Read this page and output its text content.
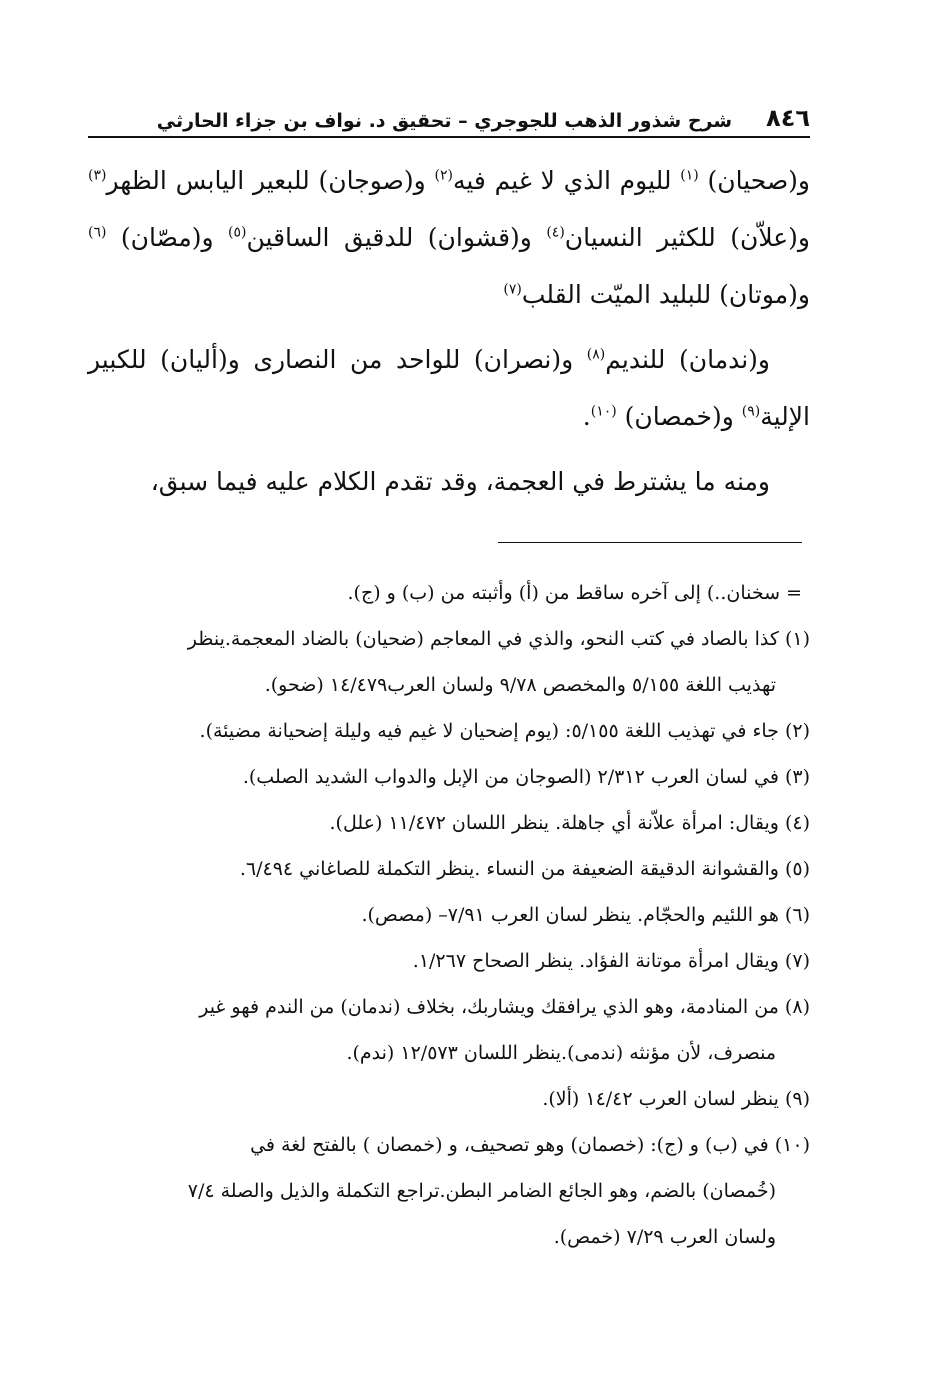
٨٤٦
شرح شذور الذهب للجوجري – تحقيق د. نواف بن جزاء الحارثي

و(صحيان) $^{(١)}$ لليوم الذي لا غيم فيه$^{(٢)}$ و(صوجان) للبعير اليابس الظهر$^{(٣)}$ و(علاّن) للكثير النسيان$^{(٤)}$ و(قشوان) للدقيق الساقين$^{(٥)}$ و(مصّان) $^{(٦)}$ و(موتان) للبليد الميّت القلب$^{(٧)}$

و(ندمان) للنديم$^{(٨)}$ و(نصران) للواحد من النصارى و(أليان) للكبير الإلية$^{(٩)}$ و(خمصان) $^{(١٠)}$.

ومنه ما يشترط في العجمة، وقد تقدم الكلام عليه فيما سبق،

= سخنان..) إلى آخره ساقط من (أ) وأثبته من (ب) و (ج).

(١) كذا بالصاد في كتب النحو، والذي في المعاجم (ضحيان) بالضاد المعجمة.ينظر
تهذيب اللغة ٥/١٥٥ والمخصص ٩/٧٨ ولسان العرب١٤/٤٧٩ (ضحو).

(٢) جاء في تهذيب اللغة ٥/١٥٥: (يوم إضحيان لا غيم فيه وليلة إضحيانة مضيئة).

(٣) في لسان العرب ٢/٣١٢ (الصوجان من الإبل والدواب الشديد الصلب).

(٤) ويقال: امرأة علاّنة أي جاهلة. ينظر اللسان ١١/٤٧٢ (علل).

(٥) والقشوانة الدقيقة الضعيفة من النساء .ينظر التكملة للصاغاني ٦/٤٩٤.

(٦) هو اللئيم والحجّام. ينظر لسان العرب ٧/٩١– (مصص).

(٧) ويقال امرأة موتانة الفؤاد. ينظر الصحاح ١/٢٦٧.

(٨) من المنادمة، وهو الذي يرافقك ويشاربك، بخلاف (ندمان) من الندم فهو غير
منصرف، لأن مؤنثه (ندمى).ينظر اللسان ١٢/٥٧٣ (ندم).

(٩) ينظر لسان العرب ١٤/٤٢ (ألا).

(١٠) في (ب) و (ج): (خصمان) وهو تصحيف، و (خمصان ) بالفتح لغة في
(خُمصان) بالضم، وهو الجائع الضامر البطن.تراجع التكملة والذيل والصلة ٧/٤
ولسان العرب ٧/٢٩ (خمص).
